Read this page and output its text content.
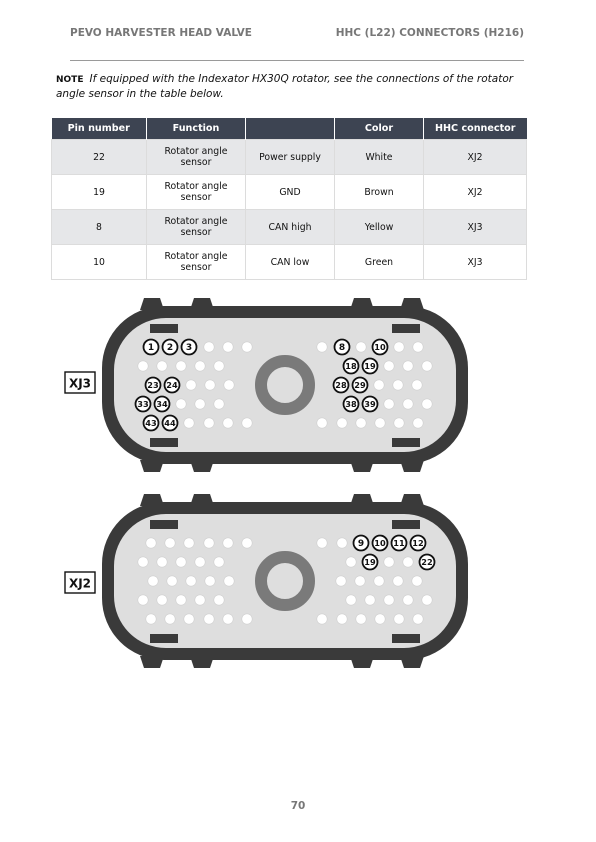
PEVO HARVESTER HEAD VALVE	HHC (L22) CONNECTORS (H216)
NOTE If equipped with the Indexator HX30Q rotator, see the connections of the rotator angle sensor in the table below.
Pin number	Function		Color	HHC connector
22	Rotator angle sensor	Power supply	White	XJ2
19	Rotator angle sensor	GND	Brown	XJ2
8	Rotator angle sensor	CAN high	Yellow	XJ3
10	Rotator angle sensor	CAN low	Green	XJ3
1 2 3	8	10
18 19
23 24	28 29
33 34	38 39
43 44
XJ3
9 10 11 12
19	22
XJ2
70
